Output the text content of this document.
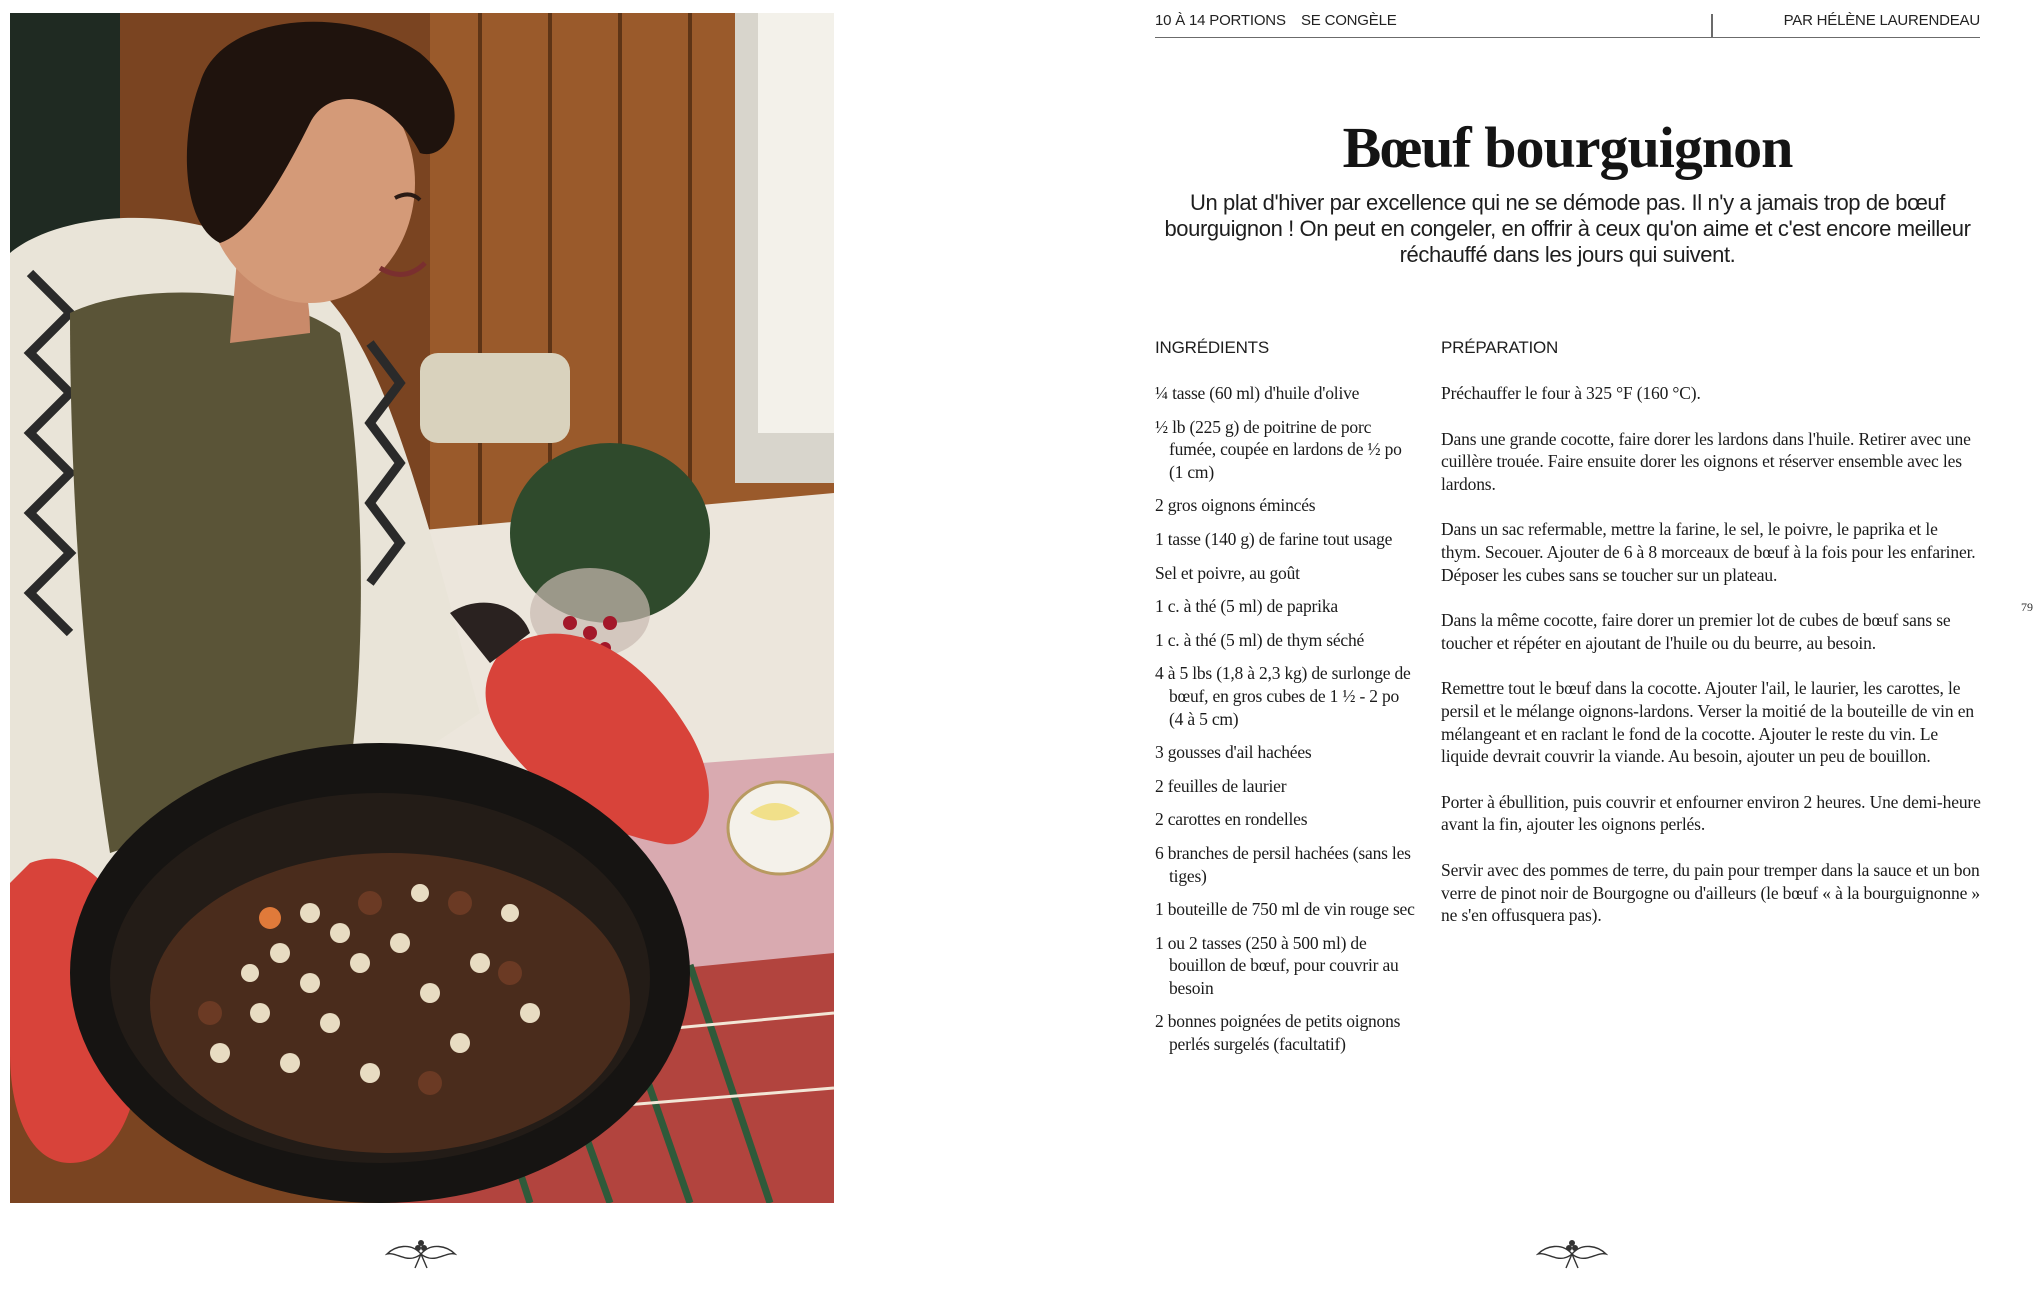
10 À 14 PORTIONS SE CONGÈLE	PAR HÉLÈNE LAURENDEAU
Bœuf bourguignon

Un plat d'hiver par excellence qui ne se démode pas. Il n'y a jamais trop de bœuf bourguignon ! On peut en congeler, en offrir à ceux qu'on aime et c'est encore meilleur réchauffé dans les jours qui suivent.

INGRÉDIENTS	PRÉPARATION
¼ tasse (60 ml) d'huile d'olive
½ lb (225 g) de poitrine de porc fumée, coupée en lardons de ½ po (1 cm)
2 gros oignons émincés
1 tasse (140 g) de farine tout usage
Sel et poivre, au goût
1 c. à thé (5 ml) de paprika
1 c. à thé (5 ml) de thym séché
4 à 5 lbs (1,8 à 2,3 kg) de surlonge de bœuf, en gros cubes de 1 ½ - 2 po (4 à 5 cm)
3 gousses d'ail hachées
2 feuilles de laurier
2 carottes en rondelles
6 branches de persil hachées (sans les tiges)
1 bouteille de 750 ml de vin rouge sec
1 ou 2 tasses (250 à 500 ml) de bouillon de bœuf, pour couvrir au besoin
2 bonnes poignées de petits oignons perlés surgelés (facultatif)

Préchauffer le four à 325 °F (160 °C).

Dans une grande cocotte, faire dorer les lardons dans l'huile. Retirer avec une cuillère trouée. Faire ensuite dorer les oignons et réserver ensemble avec les lardons.

Dans un sac refermable, mettre la farine, le sel, le poivre, le paprika et le thym. Secouer. Ajouter de 6 à 8 morceaux de bœuf à la fois pour les enfariner. Déposer les cubes sans se toucher sur un plateau.

Dans la même cocotte, faire dorer un premier lot de cubes de bœuf sans se toucher et répéter en ajoutant de l'huile ou du beurre, au besoin.

Remettre tout le bœuf dans la cocotte. Ajouter l'ail, le laurier, les carottes, le persil et le mélange oignons-lardons. Verser la moitié de la bouteille de vin en mélangeant et en raclant le fond de la cocotte. Ajouter le reste du vin. Le liquide devrait couvrir la viande. Au besoin, ajouter un peu de bouillon.

Porter à ébullition, puis couvrir et enfourner environ 2 heures. Une demi-heure avant la fin, ajouter les oignons perlés.

Servir avec des pommes de terre, du pain pour tremper dans la sauce et un bon verre de pinot noir de Bourgogne ou d'ailleurs (le bœuf « à la bourguignonne » ne s'en offusquera pas).

79
